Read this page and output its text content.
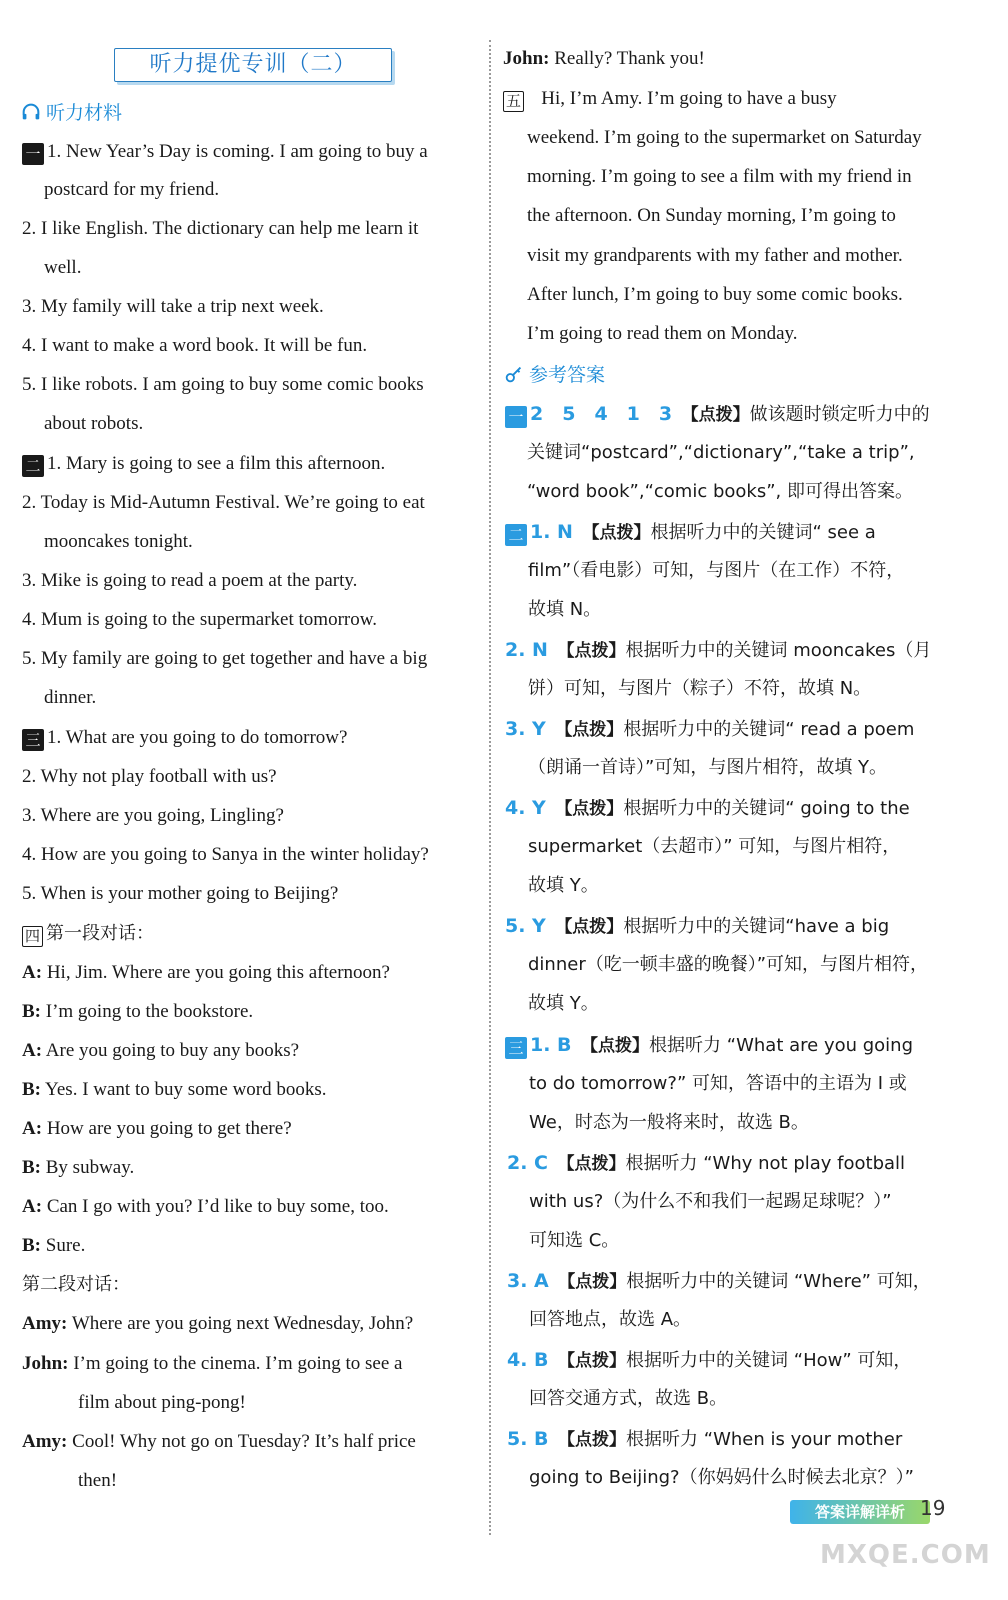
听力提优专训（二）
听力材料
一 1. New Year’s Day is coming. I am going to buy a
postcard for my friend.
2. I like English. The dictionary can help me learn it
well.
3. My family will take a trip next week.
4. I want to make a word book. It will be fun.
5. I like robots. I am going to buy some comic books
about robots.
二 1. Mary is going to see a film this afternoon.
2. Today is Mid-Autumn Festival. We’re going to eat
mooncakes tonight.
3. Mike is going to read a poem at the party.
4. Mum is going to the supermarket tomorrow.
5. My family are going to get together and have a big
dinner.
三 1. What are you going to do tomorrow?
2. Why not play football with us?
3. Where are you going, Lingling?
4. How are you going to Sanya in the winter holiday?
5. When is your mother going to Beijing?
四 第一段对话：
A: Hi, Jim. Where are you going this afternoon?
B: I’m going to the bookstore.
A: Are you going to buy any books?
B: Yes. I want to buy some word books.
A: How are you going to get there?
B: By subway.
A: Can I go with you? I’d like to buy some, too.
B: Sure.
第二段对话：
Amy: Where are you going next Wednesday, John?
John: I’m going to the cinema. I’m going to see a
film about ping-pong!
Amy: Cool! Why not go on Tuesday? It’s half price
then!
John: Really? Thank you!
五 Hi, I’m Amy. I’m going to have a busy
weekend. I’m going to the supermarket on Saturday
morning. I’m going to see a film with my friend in
the afternoon. On Sunday morning, I’m going to
visit my grandparents with my father and mother.
After lunch, I’m going to buy some comic books.
I’m going to read them on Monday.
参考答案
一 2　5　4　1　3 【点拨】做该题时锁定听力中的
关键词“postcard”,“dictionary”,“take a trip”,
“word book”,“comic books”, 即可得出答案。
二 1. N 【点拨】根据听力中的关键词“ see a
film”（看电影）可知，与图片（在工作）不符，
故填 N。
2. N 【点拨】根据听力中的关键词 mooncakes（月
饼）可知，与图片（粽子）不符，故填 N。
3. Y 【点拨】根据听力中的关键词“ read a poem
（朗诵一首诗）”可知，与图片相符，故填 Y。
4. Y 【点拨】根据听力中的关键词“ going to the
supermarket（去超市）” 可知，与图片相符，
故填 Y。
5. Y 【点拨】根据听力中的关键词“have a big
dinner（吃一顿丰盛的晚餐）”可知，与图片相符，
故填 Y。
三 1. B 【点拨】根据听力 “What are you going
to do tomorrow?” 可知，答语中的主语为 I 或
We，时态为一般将来时，故选 B。
2. C 【点拨】根据听力 “Why not play football
with us?（为什么不和我们一起踢足球呢？）”
可知选 C。
3. A 【点拨】根据听力中的关键词 “Where” 可知，
回答地点，故选 A。
4. B 【点拨】根据听力中的关键词 “How” 可知，
回答交通方式，故选 B。
5. B 【点拨】根据听力 “When is your mother
going to Beijing?（你妈妈什么时候去北京？）”
答案详解详析 19
MXQE.COM
